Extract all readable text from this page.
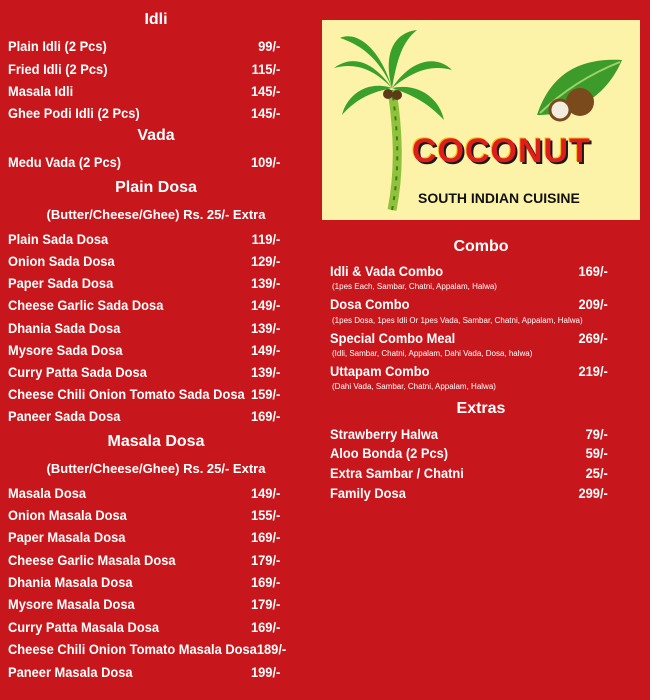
Idli
Plain Idli (2 Pcs)	99/-
Fried Idli (2 Pcs)	115/-
Masala Idli	145/-
Ghee Podi Idli (2 Pcs)	145/-
Vada
Medu Vada (2 Pcs)	109/-
Plain Dosa
(Butter/Cheese/Ghee) Rs. 25/- Extra
Plain Sada Dosa	119/-
Onion Sada Dosa	129/-
Paper Sada Dosa	139/-
Cheese Garlic Sada Dosa	149/-
Dhania Sada Dosa	139/-
Mysore Sada Dosa	149/-
Curry Patta Sada Dosa	139/-
Cheese Chili Onion Tomato Sada Dosa 159/-
Paneer Sada Dosa	169/-
Masala Dosa
(Butter/Cheese/Ghee) Rs. 25/- Extra
Masala Dosa	149/-
Onion Masala Dosa	155/-
Paper Masala Dosa	169/-
Cheese Garlic Masala Dosa	179/-
Dhania Masala Dosa	169/-
Mysore Masala Dosa	179/-
Curry Patta Masala Dosa	169/-
Cheese Chili Onion Tomato Masala Dosa 189/-
Paneer Masala Dosa	199/-
COCONUT
SOUTH INDIAN CUISINE
Combo
Idli & Vada Combo	169/-
(1pes Each, Sambar, Chatni, Appalam, Halwa)
Dosa Combo	209/-
(1pes Dosa, 1pes Idli Or 1pes Vada, Sambar, Chatni, Appalam, Halwa)
Special Combo Meal	269/-
(Idli, Sambar, Chatni, Appalam, Dahi Vada, Dosa, halwa)
Uttapam Combo	219/-
(Dahi Vada, Sambar, Chatni, Appalam, Halwa)
Extras
Strawberry Halwa	79/-
Aloo Bonda (2 Pcs)	59/-
Extra Sambar / Chatni	25/-
Family Dosa	299/-
